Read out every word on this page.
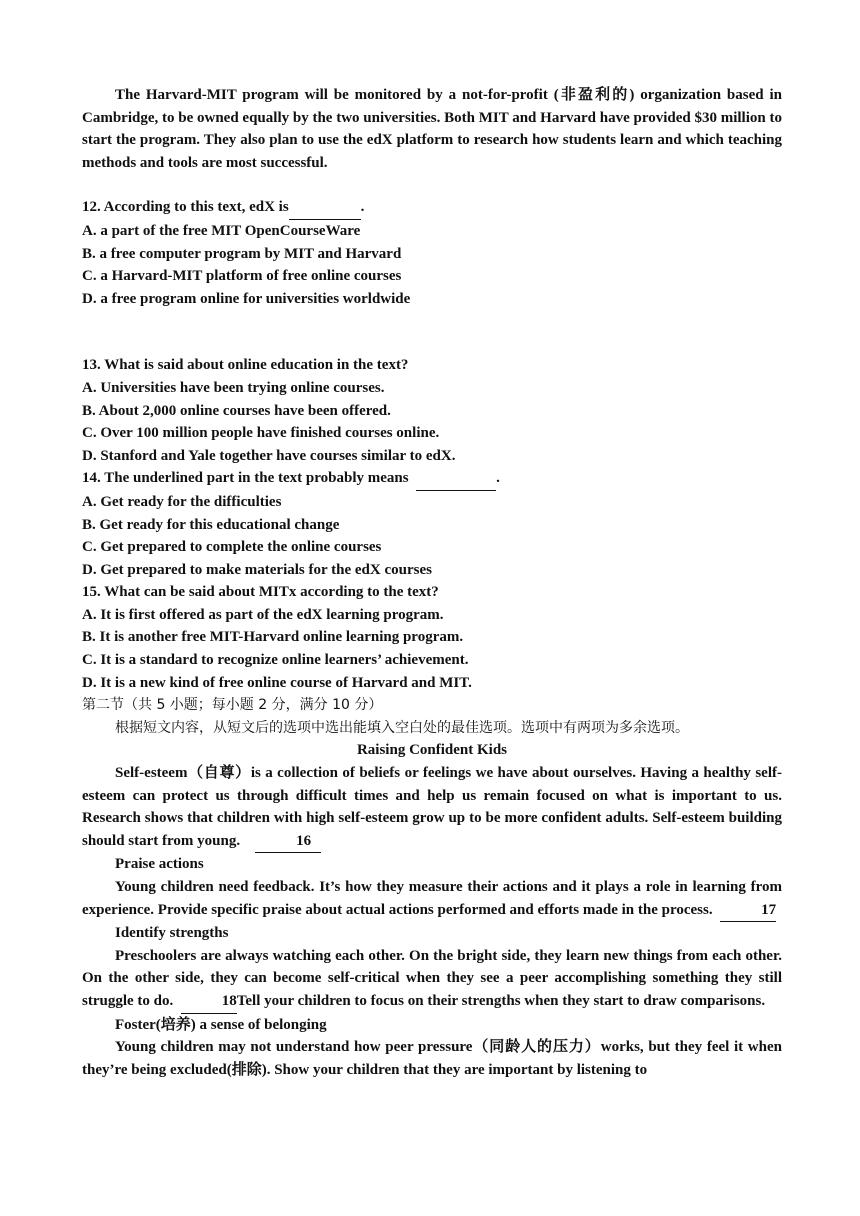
The Harvard-MIT program will be monitored by a not-for-profit (非盈利的) organization based in Cambridge, to be owned equally by the two universities. Both MIT and Harvard have provided $30 million to start the program. They also plan to use the edX platform to research how students learn and which teaching methods and tools are most successful.

12. According to this text, edX is	.
A. a part of the free MIT OpenCourseWare
B. a free computer program by MIT and Harvard
C. a Harvard-MIT platform of free online courses
D. a free program online for universities worldwide
13. What is said about online education in the text?
A. Universities have been trying online courses.
B. About 2,000 online courses have been offered.
C. Over 100 million people have finished courses online.
D. Stanford and Yale together have courses similar to edX.
14. The underlined part in the text probably means	.
A. Get ready for the difficulties
B. Get ready for this educational change
C. Get prepared to complete the online courses
D. Get prepared to make materials for the edX courses
15. What can be said about MITx according to the text?
A. It is first offered as part of the edX learning program.
B. It is another free MIT-Harvard online learning program.
C. It is a standard to recognize online learners’ achievement.
D. It is a new kind of free online course of Harvard and MIT.
第二节（共 5 小题；每小题 2 分，满分 10 分）
根据短文内容，从短文后的选项中选出能填入空白处的最佳选项。选项中有两项为多余选项。
Raising Confident Kids

Self-esteem（自尊）is a collection of beliefs or feelings we have about ourselves. Having a healthy self-esteem can protect us through difficult times and help us remain focused on what is important to us. Research shows that children with high self-esteem grow up to be more confident adults. Self-esteem building should start from young.	16

Praise actions

Young children need feedback. It’s how they measure their actions and it plays a role in learning from experience. Provide specific praise about actual actions performed and efforts made in the process.	17

Identify strengths

Preschoolers are always watching each other. On the bright side, they learn new things from each other. On the other side, they can become self-critical when they see a peer accomplishing something they still struggle to do.	18Tell your children to focus on their strengths when they start to draw comparisons.

Foster(培养) a sense of belonging

Young children may not understand how peer pressure（同龄人的压力）works, but they feel it when they’re being excluded(排除). Show your children that they are important by listening to
